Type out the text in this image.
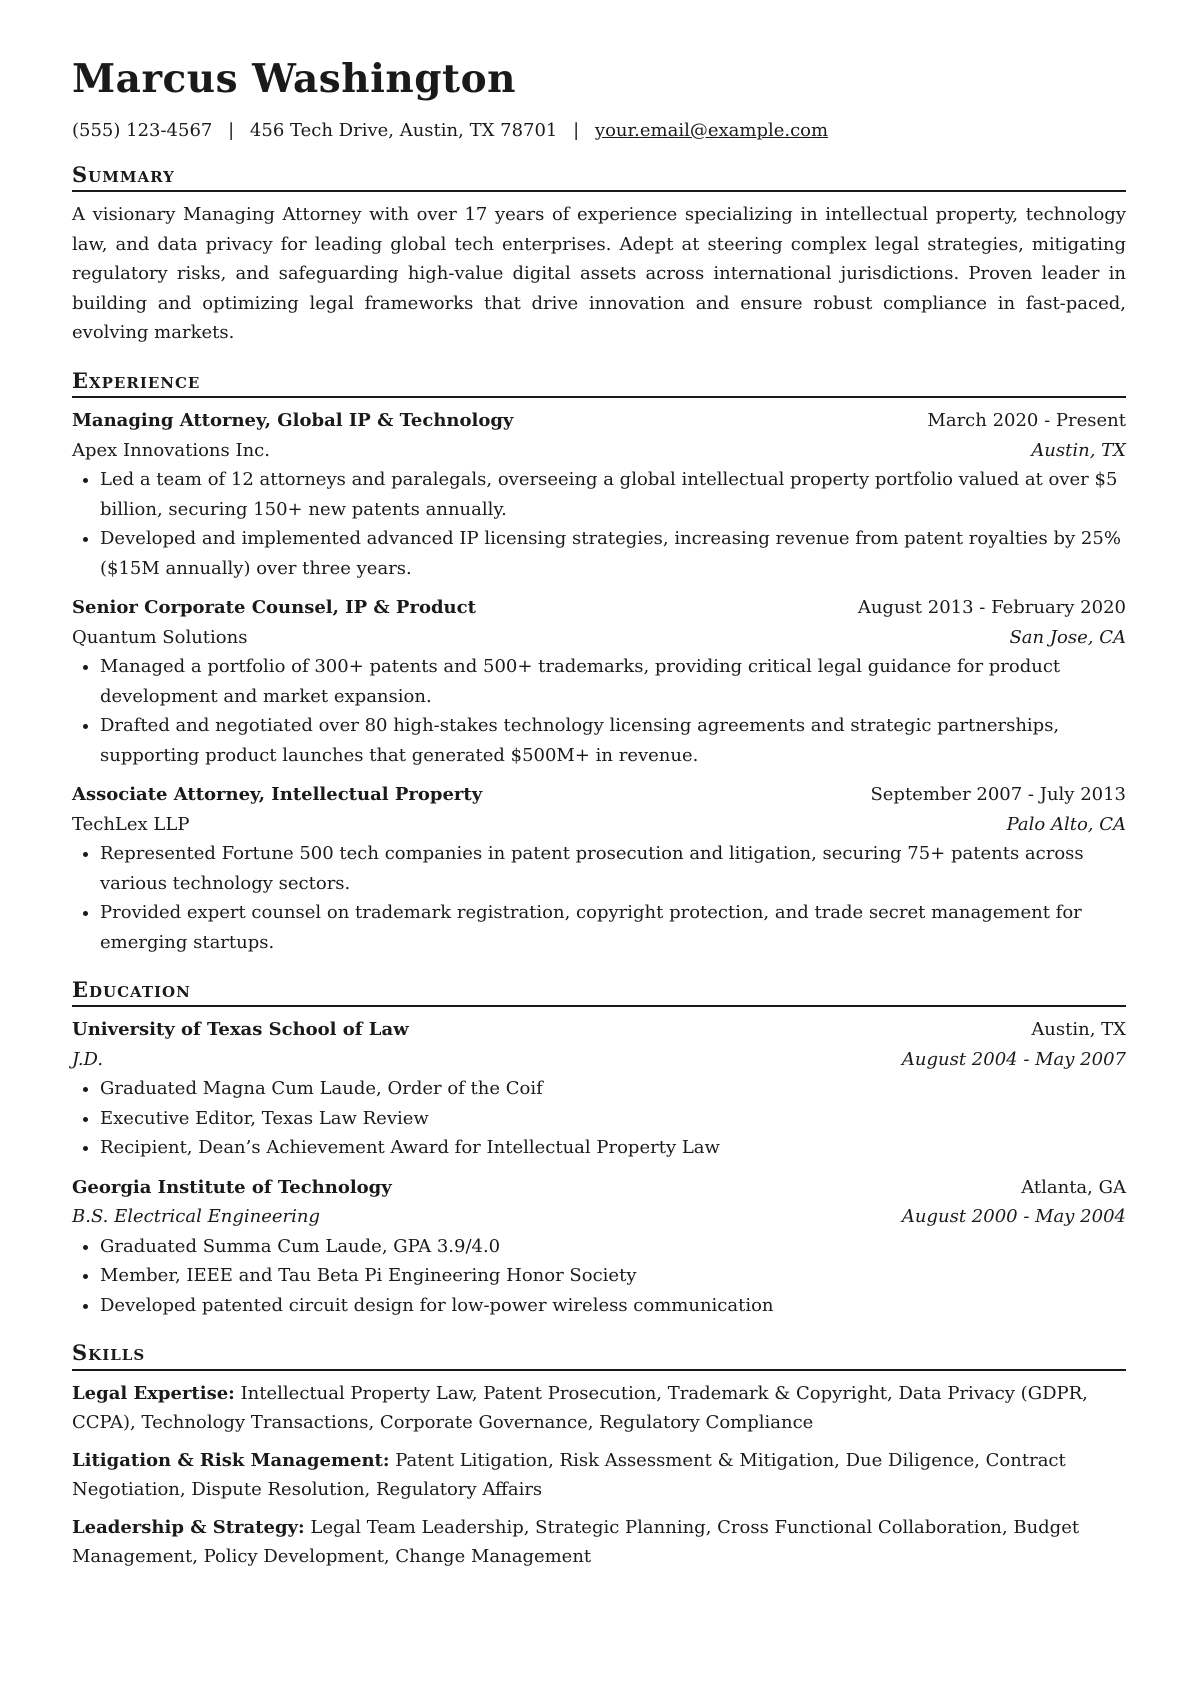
Marcus Washington
(555) 123-4567 | 456 Tech Drive, Austin, TX 78701 | your.email@example.com
Summary
A visionary Managing Attorney with over 17 years of experience specializing in intellectual property, technology law, and data privacy for leading global tech enterprises. Adept at steering complex legal strategies, mitigating regulatory risks, and safeguarding high-value digital assets across international jurisdictions. Proven leader in building and optimizing legal frameworks that drive innovation and ensure robust compliance in fast-paced, evolving markets.
Experience
Managing Attorney, Global IP & Technology	March 2020 - Present
Apex Innovations Inc.	Austin, TX
• Led a team of 12 attorneys and paralegals, overseeing a global intellectual property portfolio valued at over $5 billion, securing 150+ new patents annually.
• Developed and implemented advanced IP licensing strategies, increasing revenue from patent royalties by 25% ($15M annually) over three years.
Senior Corporate Counsel, IP & Product	August 2013 - February 2020
Quantum Solutions	San Jose, CA
• Managed a portfolio of 300+ patents and 500+ trademarks, providing critical legal guidance for product development and market expansion.
• Drafted and negotiated over 80 high-stakes technology licensing agreements and strategic partnerships, supporting product launches that generated $500M+ in revenue.
Associate Attorney, Intellectual Property	September 2007 - July 2013
TechLex LLP	Palo Alto, CA
• Represented Fortune 500 tech companies in patent prosecution and litigation, securing 75+ patents across various technology sectors.
• Provided expert counsel on trademark registration, copyright protection, and trade secret management for emerging startups.
Education
University of Texas School of Law	Austin, TX
J.D.	August 2004 - May 2007
• Graduated Magna Cum Laude, Order of the Coif
• Executive Editor, Texas Law Review
• Recipient, Dean’s Achievement Award for Intellectual Property Law
Georgia Institute of Technology	Atlanta, GA
B.S. Electrical Engineering	August 2000 - May 2004
• Graduated Summa Cum Laude, GPA 3.9/4.0
• Member, IEEE and Tau Beta Pi Engineering Honor Society
• Developed patented circuit design for low-power wireless communication
Skills
Legal Expertise: Intellectual Property Law, Patent Prosecution, Trademark & Copyright, Data Privacy (GDPR, CCPA), Technology Transactions, Corporate Governance, Regulatory Compliance
Litigation & Risk Management: Patent Litigation, Risk Assessment & Mitigation, Due Diligence, Contract Negotiation, Dispute Resolution, Regulatory Affairs
Leadership & Strategy: Legal Team Leadership, Strategic Planning, Cross Functional Collaboration, Budget Management, Policy Development, Change Management
